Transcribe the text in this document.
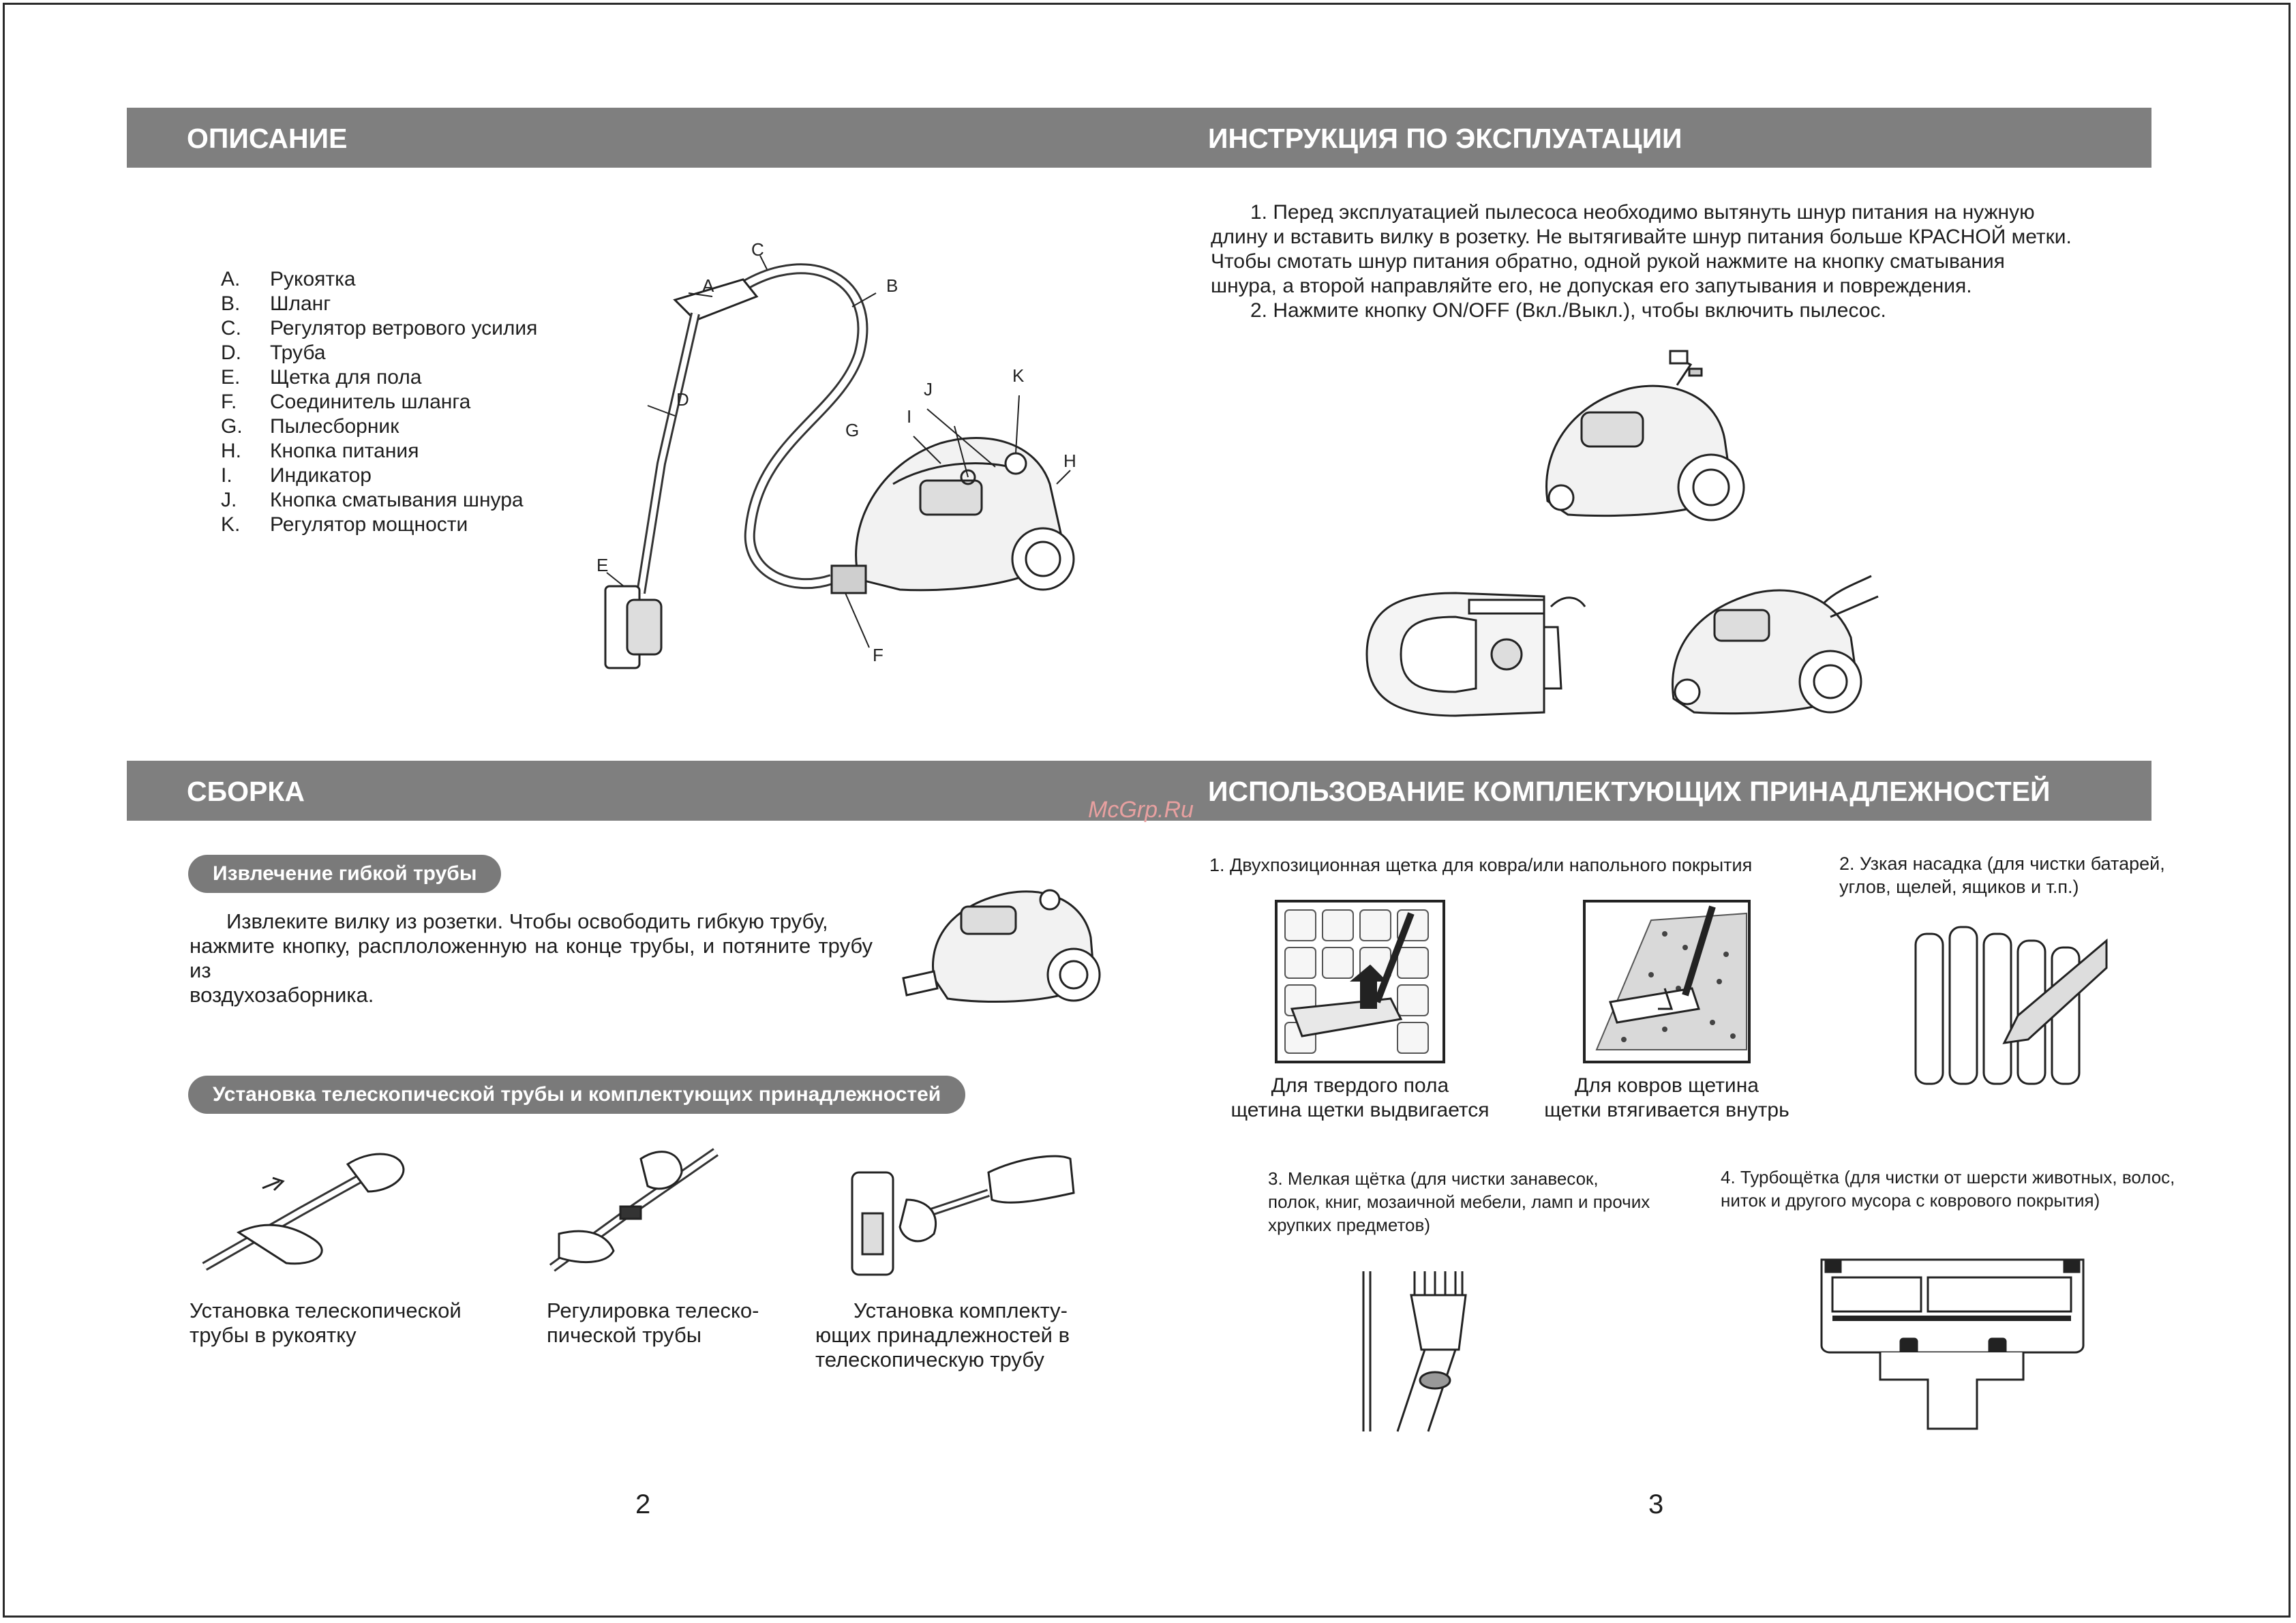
ОПИСАНИЕ	ИНСТРУКЦИЯ ПО ЭКСПЛУАТАЦИИ
СБОРКА	ИСПОЛЬЗОВАНИЕ КОМПЛЕКТУЮЩИХ ПРИНАДЛЕЖНОСТЕЙ
McGrp.Ru
A.	Рукоятка
B.	Шланг
C.	Регулятор ветрового усилия
D.	Труба
E.	Щетка для пола
F.	Соединитель шланга
G.	Пылесборник
H.	Кнопка питания
I.	Индикатор
J.	Кнопка сматывания шнура
K.	Регулятор мощности
A	B
C
D
E
F
G
H
I
J
K
1. Перед эксплуатацией пылесоса необходимо вытянуть шнур питания на нужную
длину и вставить вилку в розетку. Не вытягивайте шнур питания больше КРАСНОЙ метки.
Чтобы смотать шнур питания обратно, одной рукой нажмите на кнопку сматывания
шнура, а второй направляйте его, не допуская его запутывания и повреждения.
2. Нажмите кнопку ON/OFF (Вкл./Выкл.), чтобы включить пылесос.
Извлечение гибкой трубы
Извлеките вилку из розетки. Чтобы освободить гибкую трубу,
нажмите кнопку, расплоложенную на конце трубы, и потяните трубу из
воздухозаборника.
Установка телескопической трубы и комплектующих принадлежностей
Установка телескопической
трубы в рукоятку
Регулировка телеско-
пической трубы
Установка комплекту-
ющих принадлежностей в
телескопическую трубу
1. Двухпозиционная щетка для ковра/или напольного покрытия
Для твердого пола
щетина щетки выдвигается
Для ковров щетина
щетки втягивается внутрь
2. Узкая насадка (для чистки батарей,
углов, щелей, ящиков и т.п.)
3. Мелкая щётка (для чистки занавесок,
полок, книг, мозаичной мебели, ламп и прочих
хрупких предметов)
4. Турбощётка (для чистки от шерсти животных, волос,
ниток и другого мусора с коврового покрытия)
2	3
